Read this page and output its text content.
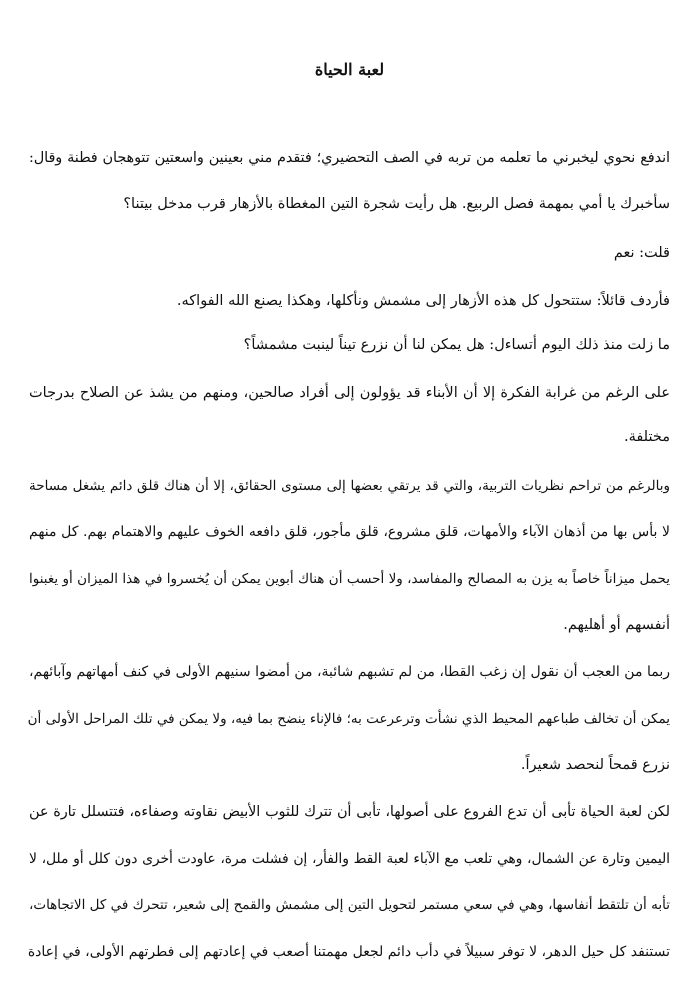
لعبة الحياة
اندفع نحوي ليخبرني ما تعلمه من تربه في الصف التحضيري؛ فتقدم مني بعينين واسعتين تتوهجان فطنة وقال:
سأخبرك يا أمي بمهمة فصل الربيع. هل رأيت شجرة التين المغطاة بالأزهار قرب مدخل بيتنا؟
قلت: نعم
فأردف قائلاً: ستتحول كل هذه الأزهار إلى مشمش ونأكلها، وهكذا يصنع الله الفواكه.
ما زلت منذ ذلك اليوم أتساءل: هل يمكن لنا أن نزرع تيناً لينبت مشمشاً؟
على الرغم من غرابة الفكرة إلا أن الأبناء قد يؤولون إلى أفراد صالحين، ومنهم من يشذ عن الصلاح بدرجات
مختلفة.
وبالرغم من تراحم نظريات التربية، والتي قد يرتقي بعضها إلى مستوى الحقائق، إلا أن هناك قلق دائم يشغل مساحة
لا بأس بها من أذهان الآباء والأمهات، قلق مشروع، قلق مأجور، قلق دافعه الخوف عليهم والاهتمام بهم. كل منهم
يحمل ميزاناً خاصاً به يزن به المصالح والمفاسد، ولا أحسب أن هناك أبوين يمكن أن يُخسروا في هذا الميزان أو يغبنوا
أنفسهم أو أهليهم.
ربما من العجب أن نقول إن زغب القطا، من لم تشبهم شائبة، من أمضوا سنيهم الأولى في كنف أمهاتهم وآبائهم،
يمكن أن تخالف طباعهم المحيط الذي نشأت وترعرعت به؛ فالإناء ينضح بما فيه، ولا يمكن في تلك المراحل الأولى أن
نزرع قمحاً لنحصد شعيراً.
لكن لعبة الحياة تأبى أن تدع الفروع على أصولها، تأبى أن تترك للثوب الأبيض نقاوته وصفاءه، فتتسلل تارة عن
اليمين وتارة عن الشمال، وهي تلعب مع الآباء لعبة القط والفأر، إن فشلت مرة، عاودت أخرى دون كلل أو ملل، لا
تأبه أن تلتقط أنفاسها، وهي في سعي مستمر لتحويل التين إلى مشمش والقمح إلى شعير، تتحرك في كل الاتجاهات،
تستنفد كل حيل الدهر، لا توفر سبيلاً في دأب دائم لجعل مهمتنا أصعب في إعادتهم إلى فطرتهم الأولى، في إعادة
